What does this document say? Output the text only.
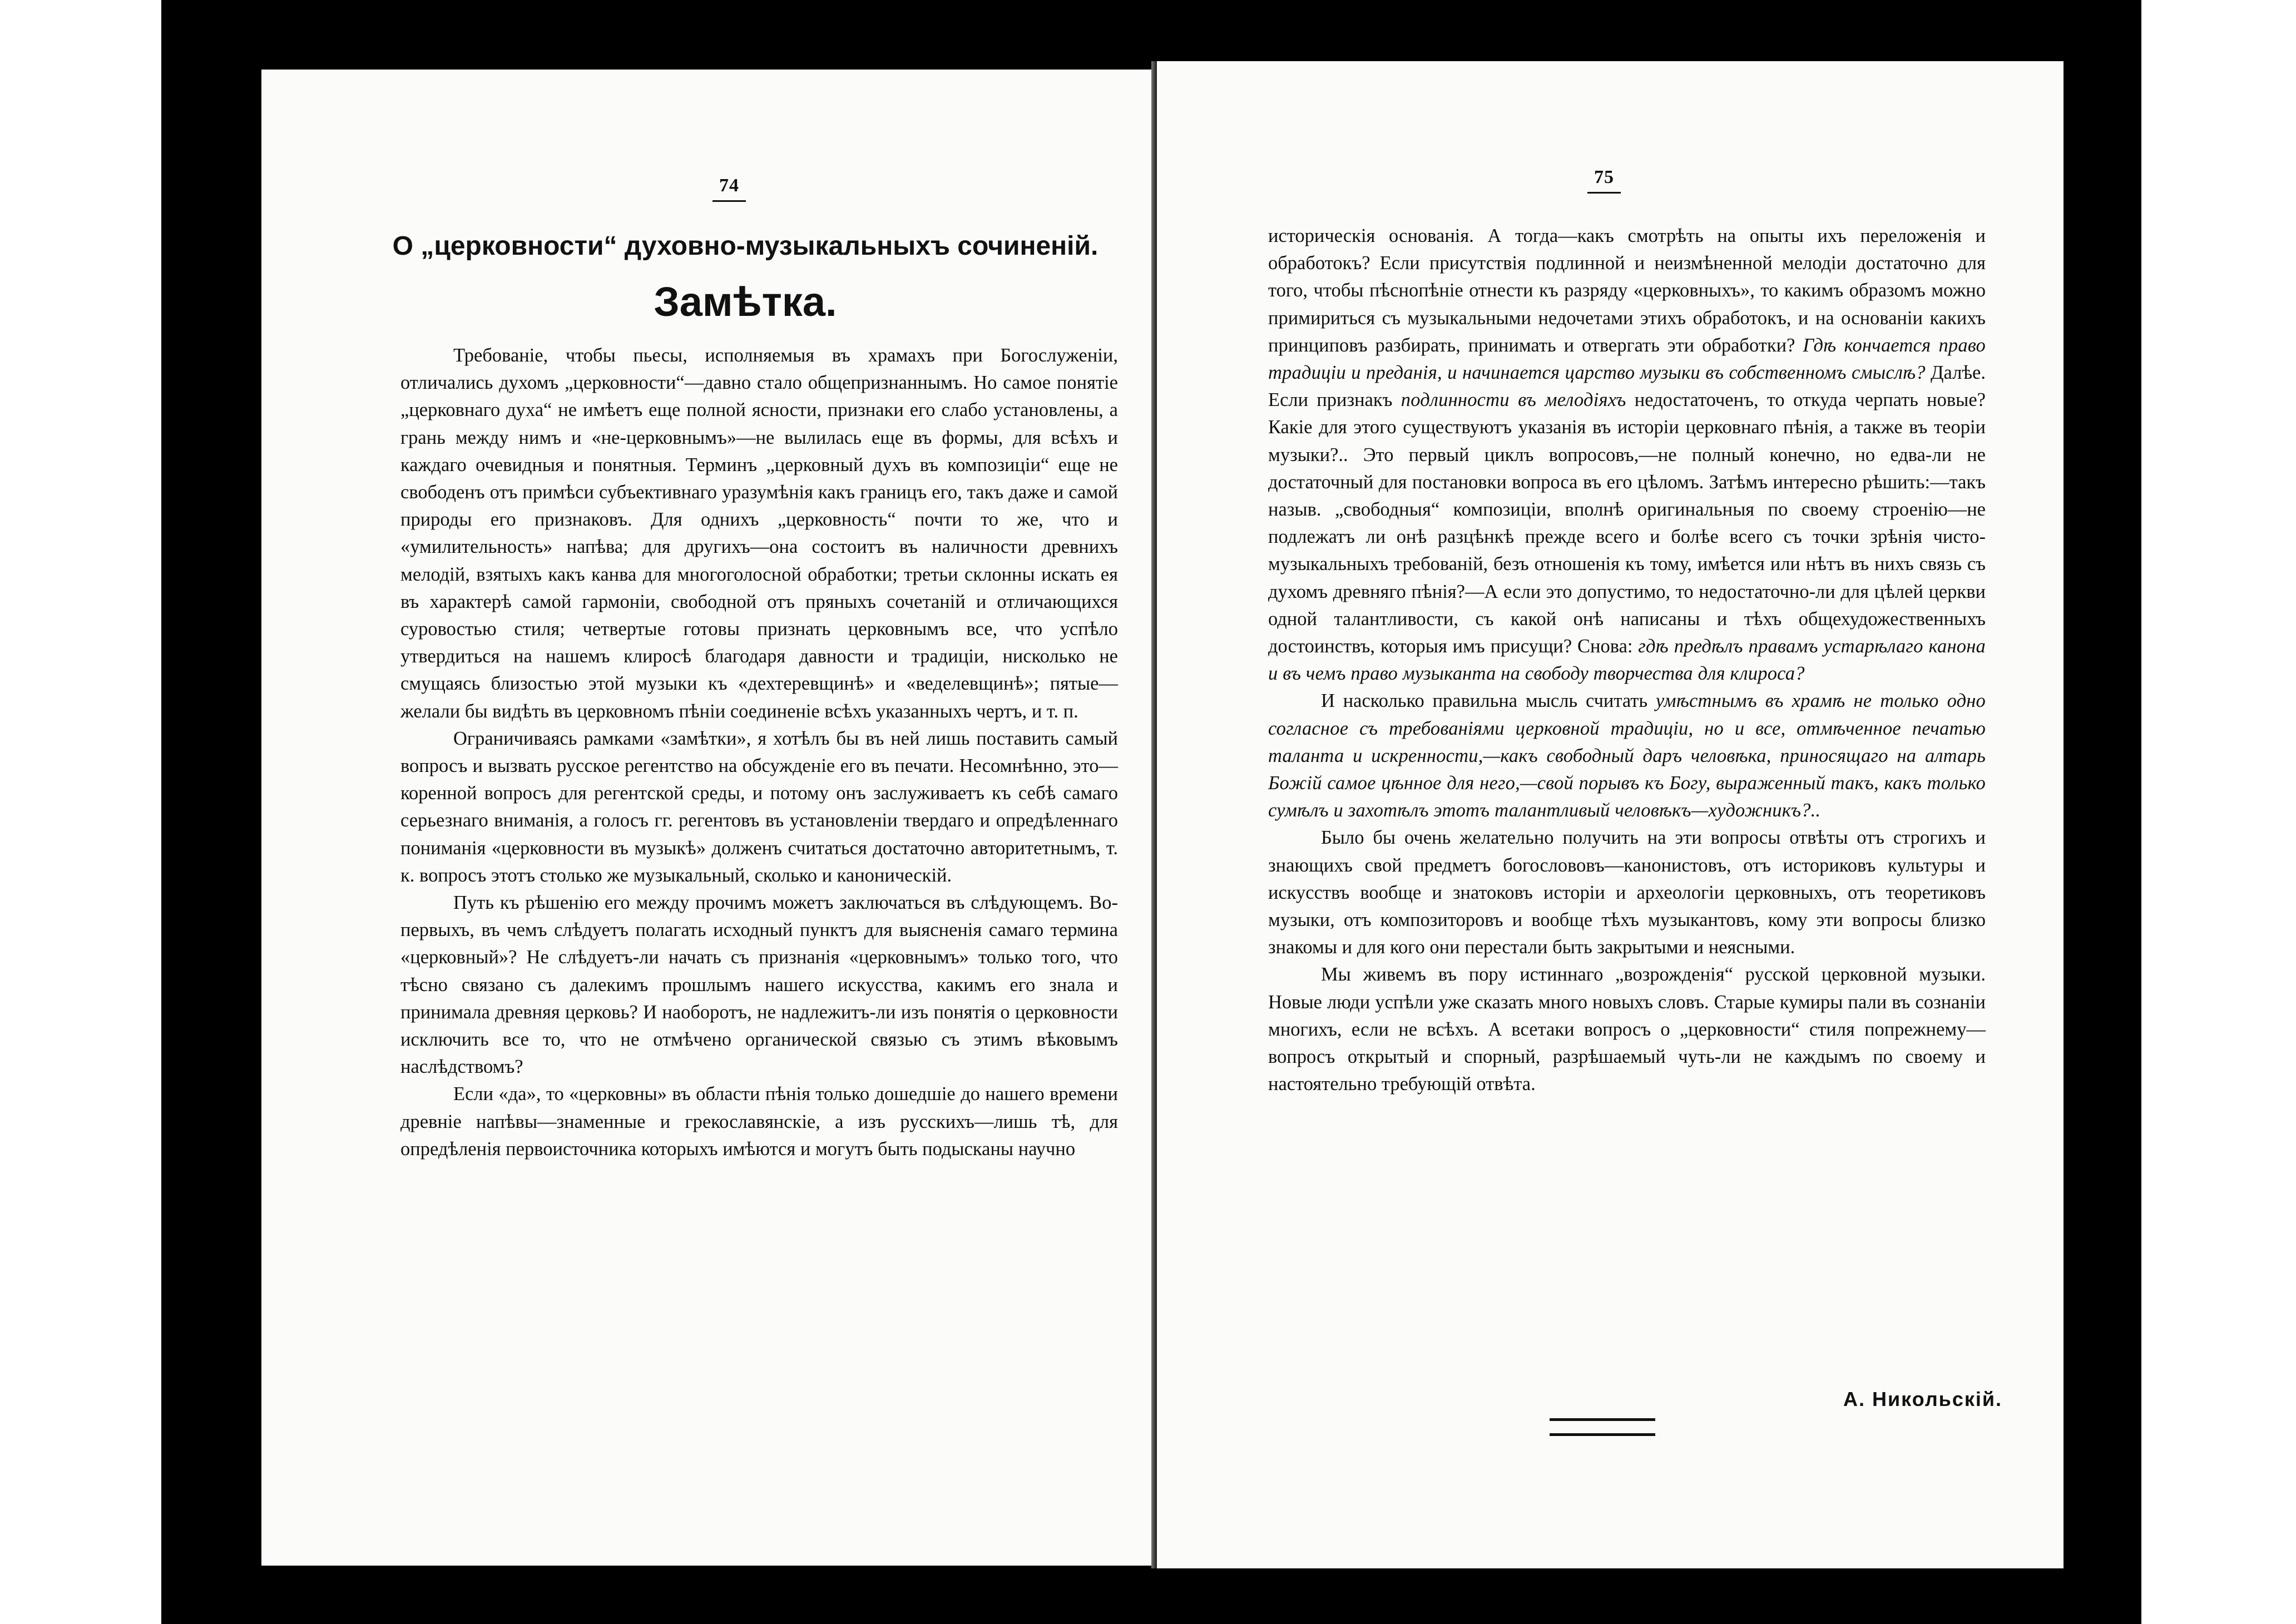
74
О „церковности“ духовно-музыкальныхъ сочиненій.
Замѣтка.

Требованіе, чтобы пьесы, исполняемыя въ храмахъ при Богослуженіи, отличались духомъ „церковности“—давно стало общепризнаннымъ. Но самое понятіе „церковнаго духа“ не имѣетъ еще полной ясности, признаки его слабо установлены, а грань между нимъ и «не-церковнымъ»—не вылилась еще въ формы, для всѣхъ и каждаго очевидныя и понятныя. Терминъ „церковный духъ въ композиціи“ еще не свободенъ отъ примѣси субъективнаго уразумѣнія какъ границъ его, такъ даже и самой природы его признаковъ. Для однихъ „церковность“ почти то же, что и «умилительность» напѣва; для другихъ—она состоитъ въ наличности древнихъ мелодій, взятыхъ какъ канва для многоголосной обработки; третьи склонны искать ея въ характерѣ самой гармоніи, свободной отъ пряныхъ сочетаній и отличающихся суровостью стиля; четвертые готовы признать церковнымъ все, что успѣло утвердиться на нашемъ клиросѣ благодаря давности и традиціи, нисколько не смущаясь близостью этой музыки къ «дехтеревщинѣ» и «веделевщинѣ»; пятые—желали бы видѣть въ церковномъ пѣніи соединеніе всѣхъ указанныхъ чертъ, и т. п.

Ограничиваясь рамками «замѣтки», я хотѣлъ бы въ ней лишь поставить самый вопросъ и вызвать русское регентство на обсужденіе его въ печати. Несомнѣнно, это—коренной вопросъ для регентской среды, и потому онъ заслуживаетъ къ себѣ самаго серьезнаго вниманія, а голосъ гг. регентовъ въ установленіи твердаго и опредѣленнаго пониманія «церковности въ музыкѣ» долженъ считаться достаточно авторитетнымъ, т. к. вопросъ этотъ столько же музыкальный, сколько и каноническій.

Путь къ рѣшенію его между прочимъ можетъ заключаться въ слѣдующемъ. Во-первыхъ, въ чемъ слѣдуетъ полагать исходный пунктъ для выясненія самаго термина «церковный»? Не слѣдуетъ-ли начать съ признанія «церковнымъ» только того, что тѣсно связано съ далекимъ прошлымъ нашего искусства, какимъ его знала и принимала древняя церковь? И наоборотъ, не надлежитъ-ли изъ понятія о церковности исключить все то, что не отмѣчено органической связью съ этимъ вѣковымъ наслѣдствомъ?

Если «да», то «церковны» въ области пѣнія только дошедшіе до нашего времени древніе напѣвы—знаменные и грекославянскіе, а изъ русскихъ—лишь тѣ, для опредѣленія первоисточника которыхъ имѣются и могутъ быть подысканы научно

75

историческія основанія. А тогда—какъ смотрѣть на опыты ихъ переложенія и обработокъ? Если присутствія подлинной и неизмѣненной мелодіи достаточно для того, чтобы пѣснопѣніе отнести къ разряду «церковныхъ», то какимъ образомъ можно примириться съ музыкальными недочетами этихъ обработокъ, и на основаніи какихъ принциповъ разбирать, принимать и отвергать эти обработки? Гдѣ кончается право традиціи и преданія, и начинается царство музыки въ собственномъ смыслѣ? Далѣе. Если признакъ подлинности въ мелодіяхъ недостаточенъ, то откуда черпать новые? Какіе для этого существуютъ указанія въ исторіи церковнаго пѣнія, а также въ теоріи музыки?.. Это первый циклъ вопросовъ,—не полный конечно, но едва-ли не достаточный для постановки вопроса въ его цѣломъ. Затѣмъ интересно рѣшить:—такъ назыв. „свободныя“ композиціи, вполнѣ оригинальныя по своему строенію—не подлежатъ ли онѣ разцѣнкѣ прежде всего и болѣе всего съ точки зрѣнія чисто-музыкальныхъ требованій, безъ отношенія къ тому, имѣется или нѣтъ въ нихъ связь съ духомъ древняго пѣнія?—А если это допустимо, то недостаточно-ли для цѣлей церкви одной талантливости, съ какой онѣ написаны и тѣхъ общехудожественныхъ достоинствъ, которыя имъ присущи? Снова: гдѣ предѣлъ правамъ устарѣлаго канона и въ чемъ право музыканта на свободу творчества для клироса?

И насколько правильна мысль считать умѣстнымъ въ храмѣ не только одно согласное съ требованіями церковной традиціи, но и все, отмѣченное печатью таланта и искренности,—какъ свободный даръ человѣка, приносящаго на алтарь Божій самое цѣнное для него,—свой порывъ къ Богу, выраженный такъ, какъ только сумѣлъ и захотѣлъ этотъ талантливый человѣкъ—художникъ?..

Было бы очень желательно получить на эти вопросы отвѣты отъ строгихъ и знающихъ свой предметъ богослововъ—канонистовъ, отъ историковъ культуры и искусствъ вообще и знатоковъ исторіи и археологіи церковныхъ, отъ теоретиковъ музыки, отъ композиторовъ и вообще тѣхъ музыкантовъ, кому эти вопросы близко знакомы и для кого они перестали быть закрытыми и неясными.

Мы живемъ въ пору истиннаго „возрожденія“ русской церковной музыки. Новые люди успѣли уже сказать много новыхъ словъ. Старые кумиры пали въ сознаніи многихъ, если не всѣхъ. А всетаки вопросъ о „церковности“ стиля попрежнему—вопросъ открытый и спорный, разрѣшаемый чуть-ли не каждымъ по своему и настоятельно требующій отвѣта.

А. Никольскій.
